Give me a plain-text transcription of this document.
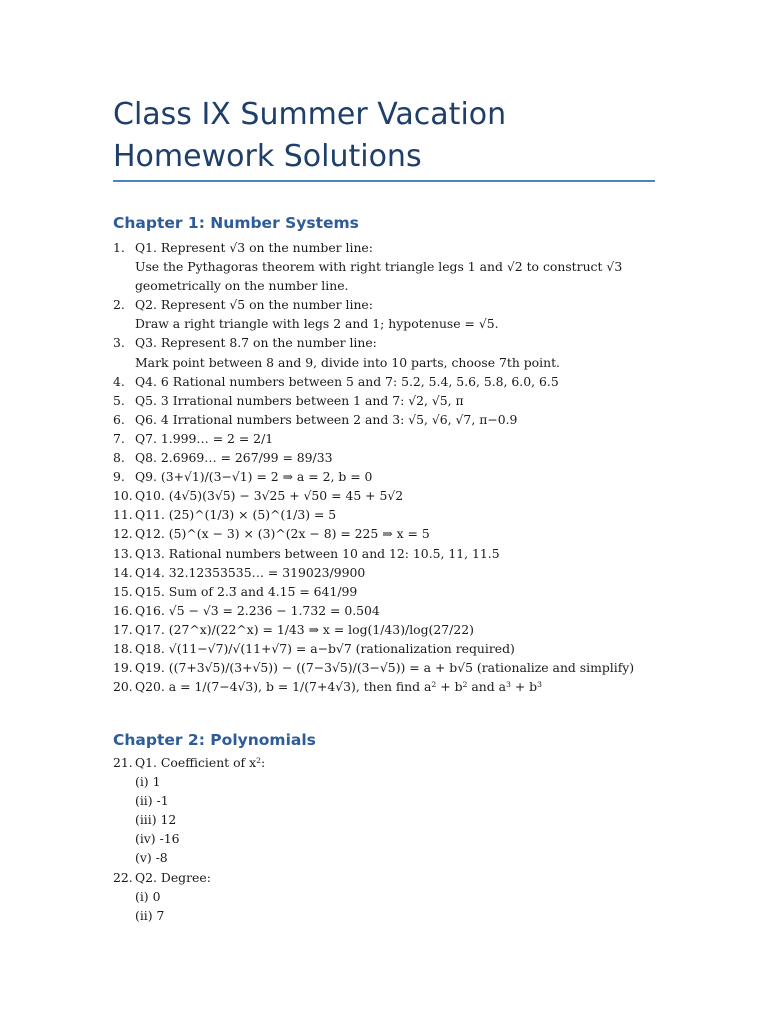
Class IX Summer Vacation Homework Solutions
Chapter 1: Number Systems
1. Q1. Represent √3 on the number line:
Use the Pythagoras theorem with right triangle legs 1 and √2 to construct √3
geometrically on the number line.
2. Q2. Represent √5 on the number line:
Draw a right triangle with legs 2 and 1; hypotenuse = √5.
3. Q3. Represent 8.7 on the number line:
Mark point between 8 and 9, divide into 10 parts, choose 7th point.
4. Q4. 6 Rational numbers between 5 and 7: 5.2, 5.4, 5.6, 5.8, 6.0, 6.5
5. Q5. 3 Irrational numbers between 1 and 7: √2, √5, π
6. Q6. 4 Irrational numbers between 2 and 3: √5, √6, √7, π−0.9
7. Q7. 1.999… = 2 = 2/1
8. Q8. 2.6969… = 267/99 = 89/33
9. Q9. (3+√1)/(3−√1) = 2 ⇒ a = 2, b = 0
10. Q10. (4√5)(3√5) − 3√25 + √50 = 45 + 5√2
11. Q11. (25)^(1/3) × (5)^(1/3) = 5
12. Q12. (5)^(x − 3) × (3)^(2x − 8) = 225 ⇒ x = 5
13. Q13. Rational numbers between 10 and 12: 10.5, 11, 11.5
14. Q14. 32.12353535… = 319023/9900
15. Q15. Sum of 2.3̅ and 4.15̅ = 641/99
16. Q16. √5 − √3 = 2.236 − 1.732 = 0.504
17. Q17. (27^x)/(22^x) = 1/43 ⇒ x = log(1/43)/log(27/22)
18. Q18. √(11−√7)/√(11+√7) = a−b√7 (rationalization required)
19. Q19. ((7+3√5)/(3+√5)) − ((7−3√5)/(3−√5)) = a + b√5 (rationalize and simplify)
20. Q20. a = 1/(7−4√3), b = 1/(7+4√3), then find $a^2 + b^2$ and $a^3 + b^3$
Chapter 2: Polynomials
21. Q1. Coefficient of $x^2$:
(i) 1
(ii) -1
(iii) 12
(iv) -16
(v) -8
22. Q2. Degree:
(i) 0
(ii) 7
